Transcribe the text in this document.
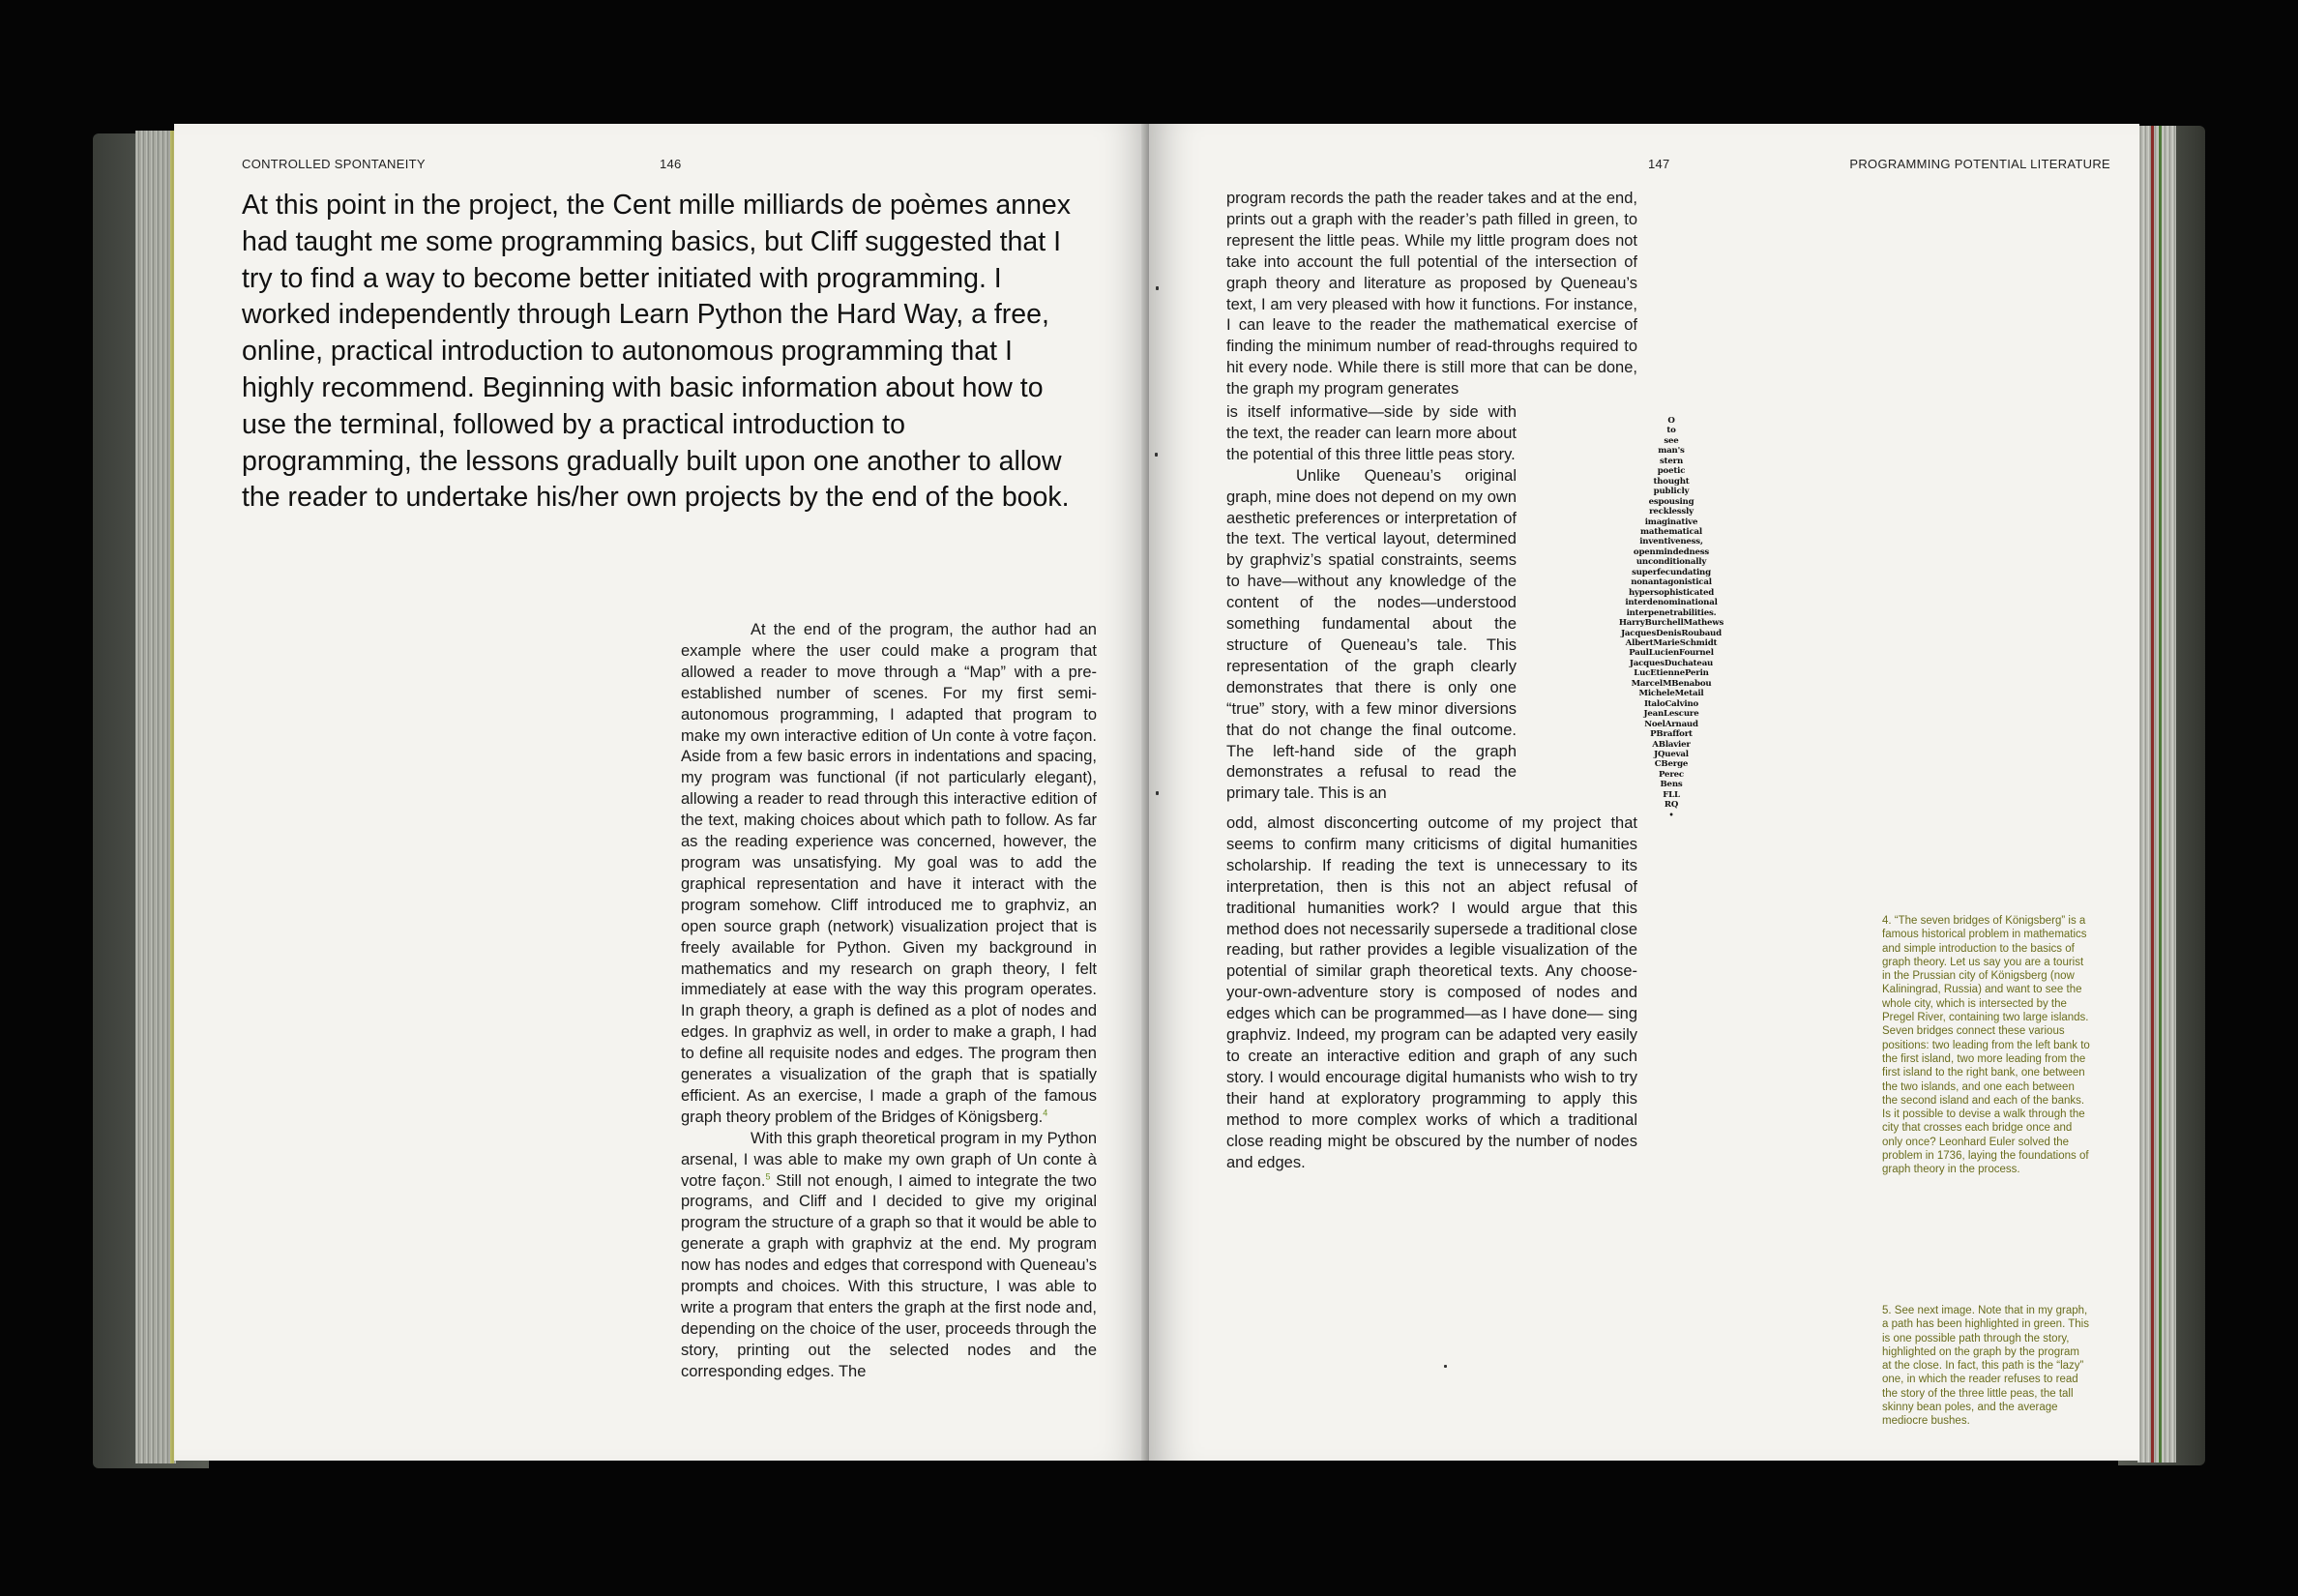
CONTROLLED SPONTANEITY	146

At this point in the project, the Cent mille milliards de poèmes annex had taught me some programming basics, but Cliff suggested that I try to find a way to become better initiated with programming. I worked independently through Learn Python the Hard Way, a free, online, practical introduction to autonomous programming that I highly recommend. Beginning with basic information about how to use the terminal, followed by a practical introduction to programming, the lessons gradually built upon one another to allow the reader to undertake his/her own projects by the end of the book.

At the end of the program, the author had an example where the user could make a program that allowed a reader to move through a “Map” with a pre-established number of scenes. For my first semi-autonomous programming, I adapted that program to make my own interactive edition of Un conte à votre façon. Aside from a few basic errors in indentations and spacing, my program was functional (if not particularly elegant), allowing a reader to read through this interactive edition of the text, making choices about which path to follow. As far as the reading experience was concerned, however, the program was unsatisfying. My goal was to add the graphical representation and have it interact with the program somehow. Cliff introduced me to graphviz, an open source graph (network) visualization project that is freely available for Python. Given my background in mathematics and my research on graph theory, I felt immediately at ease with the way this program operates. In graph theory, a graph is defined as a plot of nodes and edges. In graphviz as well, in order to make a graph, I had to define all requisite nodes and edges. The program then generates a visualization of the graph that is spatially efficient. As an exercise, I made a graph of the famous graph theory problem of the Bridges of Königsberg.$^4$

With this graph theoretical program in my Python arsenal, I was able to make my own graph of Un conte à votre façon.$^5$ Still not enough, I aimed to integrate the two programs, and Cliff and I decided to give my original program the structure of a graph so that it would be able to generate a graph with graphviz at the end. My program now has nodes and edges that correspond with Queneau’s prompts and choices. With this structure, I was able to write a program that enters the graph at the first node and, depending on the choice of the user, proceeds through the story, printing out the selected nodes and the corresponding edges. The

147	PROGRAMMING POTENTIAL LITERATURE

program records the path the reader takes and at the end, prints out a graph with the reader’s path filled in green, to represent the little peas. While my little program does not take into account the full potential of the intersection of graph theory and literature as proposed by Queneau’s text, I am very pleased with how it functions. For instance, I can leave to the reader the mathematical exercise of finding the minimum number of read-throughs required to hit every node. While there is still more that can be done, the graph my program generates

is itself informative—side by side with the text, the reader can learn more about the potential of this three little peas story.

Unlike Queneau’s original graph, mine does not depend on my own aesthetic preferences or interpretation of the text. The vertical layout, determined by graphviz’s spatial constraints, seems to have—without any knowledge of the content of the nodes—understood something fundamental about the structure of Queneau’s tale. This representation of the graph clearly demonstrates that there is only one “true” story, with a few minor diversions that do not change the final outcome. The left-hand side of the graph demonstrates a refusal to read the primary tale. This is an

odd, almost disconcerting outcome of my project that seems to confirm many criticisms of digital humanities scholarship. If reading the text is unnecessary to its interpretation, then is this not an abject refusal of traditional humanities work? I would argue that this method does not necessarily supersede a traditional close reading, but rather provides a legible visualization of the potential of similar graph theoretical texts. Any choose-your-own-adventure story is composed of nodes and edges which can be programmed—as I have done— sing graphviz. Indeed, my program can be adapted very easily to create an interactive edition and graph of any such story. I would encourage digital humanists who wish to try their hand at exploratory programming to apply this method to more complex works of which a traditional close reading might be obscured by the number of nodes and edges.

O
to
see
man's
stern
poetic
thought
publicly
espousing
recklessly
imaginative
mathematical
inventiveness,
openmindedness
unconditionally
superfecundating
nonantagonistical
hypersophisticated
interdenominational
interpenetrabilities.
HarryBurchellMathews
JacquesDenisRoubaud
AlbertMarieSchmidt
PaulLucienFournel
JacquesDuchateau
LucEtiennePerin
MarcelMBenabou
MicheleMetail
ItaloCalvino
JeanLescure
NoelArnaud
PBraffort
ABlavier
JQueval
CBerge
Perec
Bens
FLL
RQ
•

4. “The seven bridges of Königsberg” is a famous historical problem in mathematics and simple introduction to the basics of graph theory. Let us say you are a tourist in the Prussian city of Königsberg (now Kaliningrad, Russia) and want to see the whole city, which is intersected by the Pregel River, containing two large islands. Seven bridges connect these various positions: two leading from the left bank to the first island, two more leading from the first island to the right bank, one between the two islands, and one each between the second island and each of the banks. Is it possible to devise a walk through the city that crosses each bridge once and only once? Leonhard Euler solved the problem in 1736, laying the foundations of graph theory in the process.

5. See next image. Note that in my graph, a path has been highlighted in green. This is one possible path through the story, highlighted on the graph by the program at the close. In fact, this path is the “lazy” one, in which the reader refuses to read the story of the three little peas, the tall skinny bean poles, and the average mediocre bushes.
